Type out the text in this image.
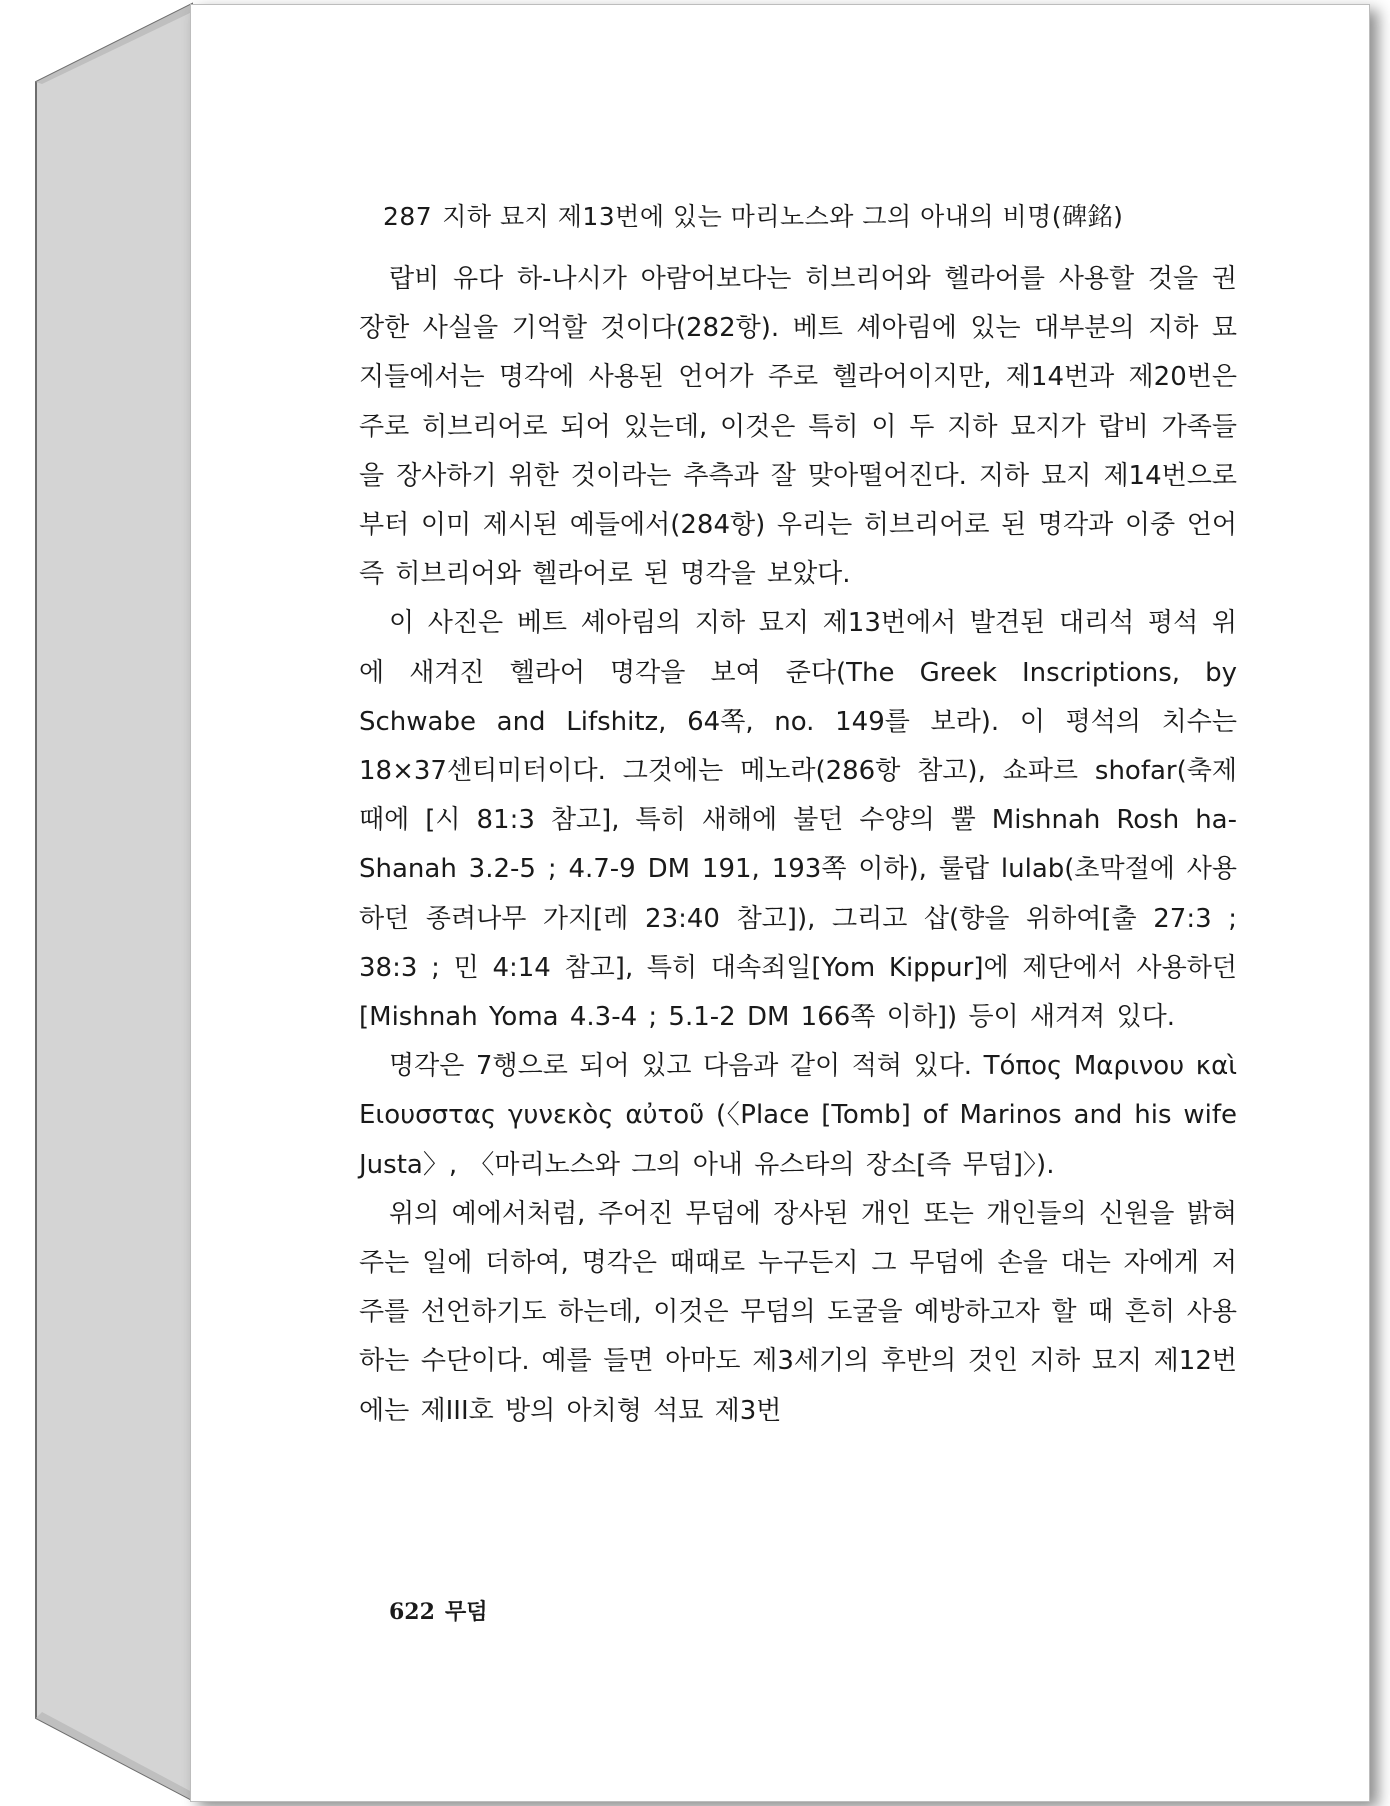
287 지하 묘지 제13번에 있는 마리노스와 그의 아내의 비명(碑銘)

랍비 유다 하-나시가 아람어보다는 히브리어와 헬라어를 사용할 것을 권장한 사실을 기억할 것이다(282항). 베트 셰아림에 있는 대부분의 지하 묘지들에서는 명각에 사용된 언어가 주로 헬라어이지만, 제14번과 제20번은 주로 히브리어로 되어 있는데, 이것은 특히 이 두 지하 묘지가 랍비 가족들을 장사하기 위한 것이라는 추측과 잘 맞아떨어진다. 지하 묘지 제14번으로부터 이미 제시된 예들에서(284항) 우리는 히브리어로 된 명각과 이중 언어 즉 히브리어와 헬라어로 된 명각을 보았다.

이 사진은 베트 셰아림의 지하 묘지 제13번에서 발견된 대리석 평석 위에 새겨진 헬라어 명각을 보여 준다(The Greek Inscriptions, by Schwabe and Lifshitz, 64쪽, no. 149를 보라). 이 평석의 치수는 18×37센티미터이다. 그것에는 메노라(286항 참고), 쇼파르 shofar(축제 때에 [시 81:3 참고], 특히 새해에 불던 수양의 뿔 Mishnah Rosh ha-Shanah 3.2-5 ; 4.7-9 DM 191, 193쪽 이하), 룰랍 lulab(초막절에 사용하던 종려나무 가지[레 23:40 참고]), 그리고 삽(향을 위하여[출 27:3 ; 38:3 ; 민 4:14 참고], 특히 대속죄일[Yom Kippur]에 제단에서 사용하던 [Mishnah Yoma 4.3-4 ; 5.1-2 DM 166쪽 이하]) 등이 새겨져 있다.

명각은 7행으로 되어 있고 다음과 같이 적혀 있다. Τόπος Μαρινου καὶ Ειουσστας γυνεκὸς αὐτοῦ (〈Place [Tomb] of Marinos and his wife Justa〉, 〈마리노스와 그의 아내 유스타의 장소[즉 무덤]〉).

위의 예에서처럼, 주어진 무덤에 장사된 개인 또는 개인들의 신원을 밝혀 주는 일에 더하여, 명각은 때때로 누구든지 그 무덤에 손을 대는 자에게 저주를 선언하기도 하는데, 이것은 무덤의 도굴을 예방하고자 할 때 흔히 사용하는 수단이다. 예를 들면 아마도 제3세기의 후반의 것인 지하 묘지 제12번에는 제III호 방의 아치형 석묘 제3번

622 무덤
